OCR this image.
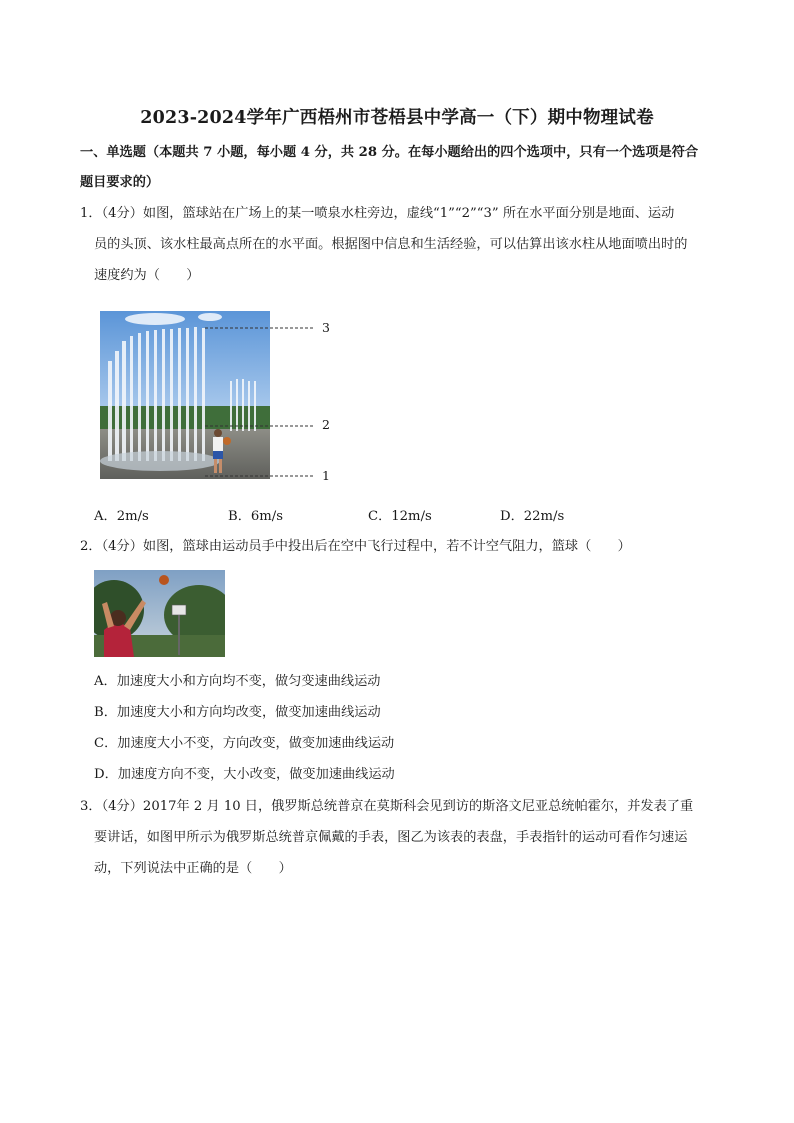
2023-2024学年广西梧州市苍梧县中学高一（下）期中物理试卷
一、单选题（本题共 7 小题，每小题 4 分，共 28 分。在每小题给出的四个选项中，只有一个选项是符合
题目要求的）
1．（4分）如图，篮球站在广场上的某一喷泉水柱旁边，虚线“1”“2”“3” 所在水平面分别是地面、运动
员的头顶、该水柱最高点所在的水平面。根据图中信息和生活经验，可以估算出该水柱从地面喷出时的
速度约为（　　）
3
2
1
A．2m/s	B．6m/s	C．12m/s	D．22m/s
2．（4分）如图，篮球由运动员手中投出后在空中飞行过程中，若不计空气阻力，篮球（　　）
A．加速度大小和方向均不变，做匀变速曲线运动
B．加速度大小和方向均改变，做变加速曲线运动
C．加速度大小不变，方向改变，做变加速曲线运动
D．加速度方向不变，大小改变，做变加速曲线运动
3．（4分）2017年 2 月 10 日，俄罗斯总统普京在莫斯科会见到访的斯洛文尼亚总统帕霍尔，并发表了重
要讲话，如图甲所示为俄罗斯总统普京佩戴的手表，图乙为该表的表盘，手表指针的运动可看作匀速运
动，下列说法中正确的是（　　）
